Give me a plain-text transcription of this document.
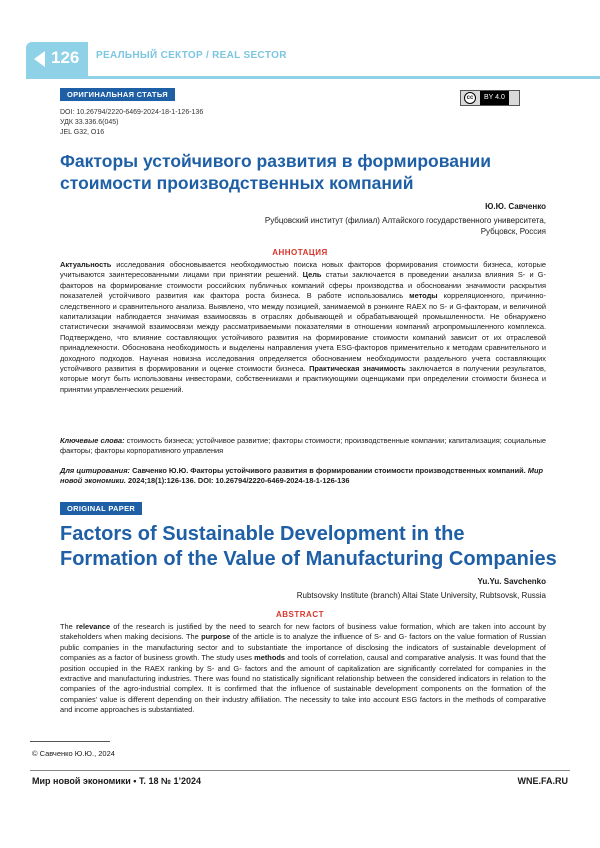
126 РЕАЛЬНЫЙ СЕКТОР / REAL SECTOR
ОРИГИНАЛЬНАЯ СТАТЬЯ	cc	BY 4.0
DOI: 10.26794/2220-6469-2024-18-1-126-136
УДК 33.336.6(045)
JEL G32, O16
Факторы устойчивого развития в формировании стоимости производственных компаний
Ю.Ю. Савченко
Рубцовский институт (филиал) Алтайского государственного университета,
Рубцовск, Россия
АННОТАЦИЯ

Актуальность исследования обосновывается необходимостью поиска новых факторов формирования стоимости бизнеса, которые учитываются заинтересованными лицами при принятии решений. Цель статьи заключается в проведении анализа влияния S- и G-факторов на формирование стоимости российских публичных компаний сферы производства и обосновании значимости раскрытия показателей устойчивого развития как фактора роста бизнеса. В работе использовались методы корреляционного, причинно-следственного и сравнительного анализа. Выявлено, что между позицией, занимаемой в рэнкинге RAEX по S- и G-факторам, и величиной капитализации наблюдается значимая взаимосвязь в отраслях добывающей и обрабатывающей промышленности. Не обнаружено статистически значимой взаимосвязи между рассматриваемыми показателями в отношении компаний агропромышленного комплекса. Подтверждено, что влияние составляющих устойчивого развития на формирование стоимости компаний зависит от их отраслевой принадлежности. Обоснована необходимость и выделены направления учета ESG-факторов применительно к методам сравнительного и доходного подходов. Научная новизна исследования определяется обоснованием необходимости раздельного учета составляющих устойчивого развития в формировании и оценке стоимости бизнеса. Практическая значимость заключается в получении результатов, которые могут быть использованы инвесторами, собственниками и практикующими оценщиками при определении стоимости бизнеса и принятии управленческих решений.

Ключевые слова: стоимость бизнеса; устойчивое развитие; факторы стоимости; производственные компании; капитализация; социальные факторы; факторы корпоративного управления
Для цитирования: Савченко Ю.Ю. Факторы устойчивого развития в формировании стоимости производственных компаний. Мир новой экономики. 2024;18(1):126-136. DOI: 10.26794/2220-6469-2024-18-1-126-136
ORIGINAL PAPER
Factors of Sustainable Development in the Formation of the Value of Manufacturing Companies
Yu.Yu. Savchenko
Rubtsovsky Institute (branch) Altai State University, Rubtsovsk, Russia
ABSTRACT
The relevance of the research is justified by the need to search for new factors of business value formation, which are taken into account by stakeholders when making decisions. The purpose of the article is to analyze the influence of S- and G- factors on the value formation of Russian public companies in the manufacturing sector and to substantiate the importance of disclosing the indicators of sustainable development of companies as a factor of business growth. The study uses methods and tools of correlation, causal and comparative analysis. It was found that the position occupied in the RAEX ranking by S- and G- factors and the amount of capitalization are significantly correlated for companies in the extractive and manufacturing industries. There was found no statistically significant relationship between the considered indicators in relation to the companies of the agro-industrial complex. It is confirmed that the influence of sustainable development components on the formation of the companies’ value is different depending on their industry affiliation. The necessity to take into account ESG factors in the methods of comparative and income approaches is substantiated.
© Савченко Ю.Ю., 2024
Мир новой экономики • Т. 18 № 1’2024	WNE.FA.RU
